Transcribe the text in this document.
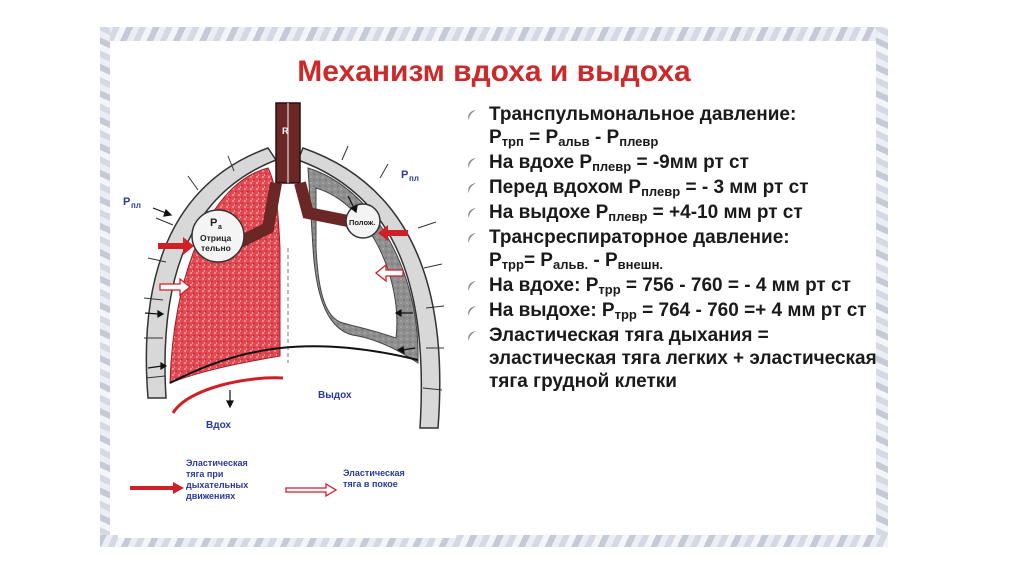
Механизм вдоха и выдоха
R
Р а
Отрица
тельно
Полож.
Р пл
Р пл
Выдох
Вдох
Эластическая
тяга при
дыхательных
движениях
Эластическая
тяга в покое
Транспульмональное давление:
$Р_{трп} = Р_{альв} - Р_{плевр}$
На вдохе $Р_{плевр} = -9мм$ рт ст
Перед вдохом $Р_{плевр}$ = - 3 мм рт ст
На выдохе $Р_{плевр} = +4-10$ мм рт ст
Трансреспираторное давление:
$Р_{трр}= Р_{альв.} - Р_{внешн.}$
На вдохе: $Р_{трр} = 756 - 760$ = - 4 мм рт ст
На выдохе: $Р_{трр} = 764 - 760 =+ 4$ мм рт ст
Эластическая тяга дыхания = эластическая тяга легких + эластическая тяга грудной клетки
